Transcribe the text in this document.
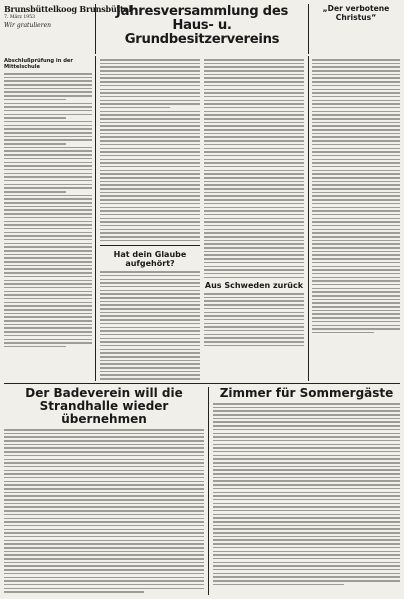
Brunsbüttelkoog Brunsbüttel
7. März 1953
Wir gratulieren
Jahresversammlung des Haus- u. Grundbesitzervereins
„Der verbotene Christus“
Abschlußprüfung in der Mittelschule
Hat dein Glaube aufgehört?
Aus Schweden zurück
Der Badeverein will die Strandhalle wieder übernehmen
Zimmer für Sommergäste
